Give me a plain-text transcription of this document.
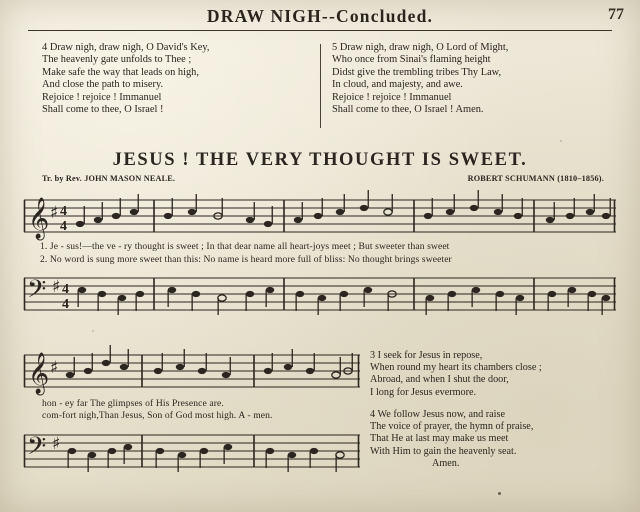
DRAW NIGH--Concluded.	77
4 Draw nigh, draw nigh, O David's Key,
The heavenly gate unfolds to Thee ;
Make safe the way that leads on high,
And close the path to misery.
Rejoice ! rejoice ! Immanuel
Shall come to thee, O Israel !
5 Draw nigh, draw nigh, O Lord of Might,
Who once from Sinai's flaming height
Didst give the trembling tribes Thy Law,
In cloud, and majesty, and awe.
Rejoice ! rejoice ! Immanuel
Shall come to thee, O Israel ! Amen.
JESUS ! THE VERY THOUGHT IS SWEET.
Tr. by Rev. JOHN MASON NEALE.	ROBERT SCHUMANN (1810–1856).
𝄞 ♯ 4
4
1. Je - sus!—the ve - ry thought is sweet ; In that dear name all heart-joys meet ; But sweeter than sweet
2. No word is sung more sweet than this: No name is heard more full of bliss: No thought brings sweeter
𝄢 ♯ 4
4
𝄞 ♯
hon - ey far The glimpses of His Presence are.
com-fort nigh,Than Jesus, Son of God most high. A - men.
𝄢 ♯
3 I seek for Jesus in repose,
When round my heart its chambers close ;
Abroad, and when I shut the door,
I long for Jesus evermore.
4 We follow Jesus now, and raise
The voice of prayer, the hymn of praise,
That He at last may make us meet
With Him to gain the heavenly seat.
Amen.
